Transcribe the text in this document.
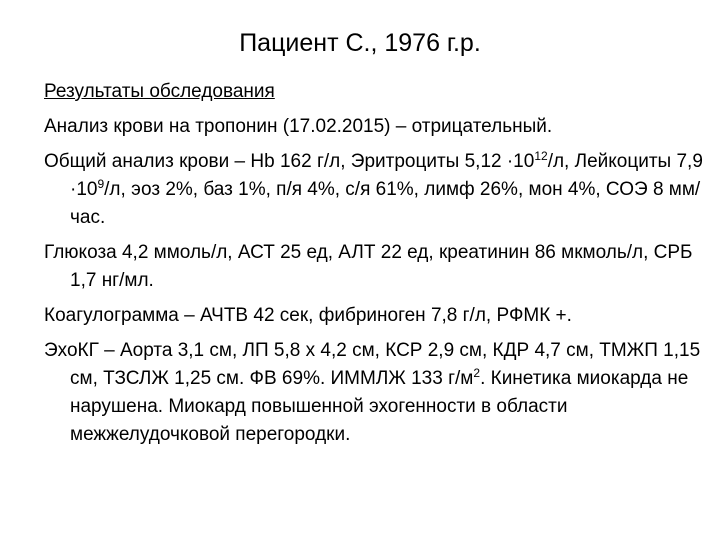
Пациент С., 1976 г.р.
Результаты обследования
Анализ крови на тропонин (17.02.2015) – отрицательный.
Общий анализ крови – Hb 162 г/л, Эритроциты $5,12 \cdot 10^{12}/л$, Лейкоциты $7,9 \cdot 10^9/л$, эоз 2%, баз 1%, п/я 4%, с/я 61%, лимф 26%, мон 4%, СОЭ 8 мм/час.
Глюкоза 4,2 ммоль/л, АСТ 25 ед, АЛТ 22 ед, креатинин 86 мкмоль/л, СРБ 1,7 нг/мл.
Коагулограмма – АЧТВ 42 сек, фибриноген 7,8 г/л, РФМК +.
ЭхоКГ – Аорта 3,1 см, ЛП 5,8 х 4,2 см, КСР 2,9 см, КДР 4,7 см, ТМЖП 1,15 см, ТЗСЛЖ 1,25 см. ФВ 69%. ИММЛЖ 133 $г/м^2$. Кинетика миокарда не нарушена. Миокард повышенной эхогенности в области межжелудочковой перегородки.
